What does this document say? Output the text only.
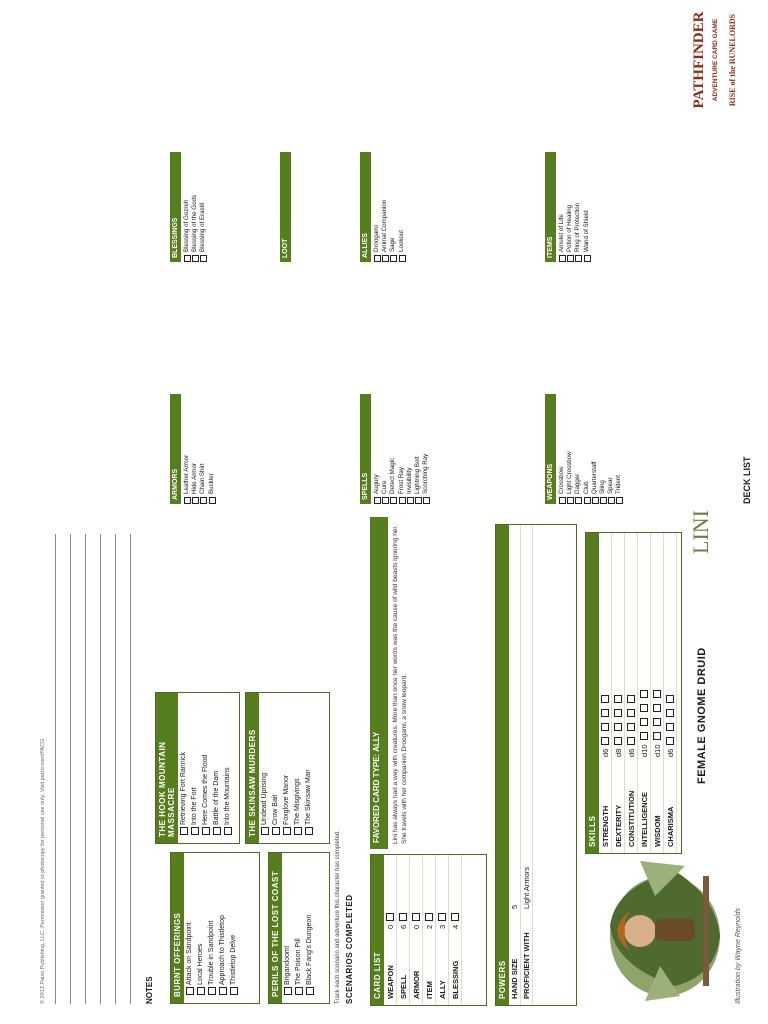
FEMALE GNOME DRUID
LINI
Illustration by Wayne Reynolds
SKILLS STRENGTH
d6
DEXTERITY
d8
CONSTITUTION
d6
INTELLIGENCE
d10
WISDOM
d10
CHARISMA
d6
POWERS HAND SIZE
5
PROFICIENT WITH
Light Armors
CARD LIST WEAPON
0
SPELL
6
ARMOR
0
ITEM
2
ALLY
3
BLESSING
4
FAVORED CARD TYPE: ALLY	Lini has always had a way with creatures. More than once her words was the cause of wild beasts ignoring her. She travels with her companion Droogami, a snow leopard.
SCENARIOS COMPLETED
Track each scenario and adventure this character has completed.
PERILS OF THE LOST COAST Brigandoom! The Poison Pill Black Fang's Dungeon
BURNT OFFERINGS Attack on Sandpoint Local Heroes Trouble in Sandpoint Approach to Thistletop Thistletop Delve
THE SKINSAW MURDERS Undead Uprising Crow Bait Foxglove Manor The Misgivings The Skinsaw Man
THE HOOK MOUNTAIN MASSACRE Retrieving Fort Rannick Into the Fort Here Comes the Flood Battle of the Dam Into the Mountains
NOTES
© 2013 Paizo Publishing, LLC. Permission granted to photocopy for personal use only. Visit paizo.com/PACG
DECK LIST
WEAPONS Crossbow Light Crossbow Dagger Club Quarterstaff Sling Spear Trident
SPELLS Augury Cure Detect Magic Frost Ray Invisibility Lightning Bolt Scorching Ray
ARMORS Leather Armor Hide Armor Chain Shirt Buckler
ITEMS Amulet of Life Potion of Healing Ring of Protection Wand of Shield
ALLIES Droogami Animal Companion Sage Lookout
BLESSINGS Blessing of Gozreh Blessing of the Gods Blessing of Erastil	LOOT
PATHFINDER ADVENTURE CARD GAME RISE of the RUNELORDS
